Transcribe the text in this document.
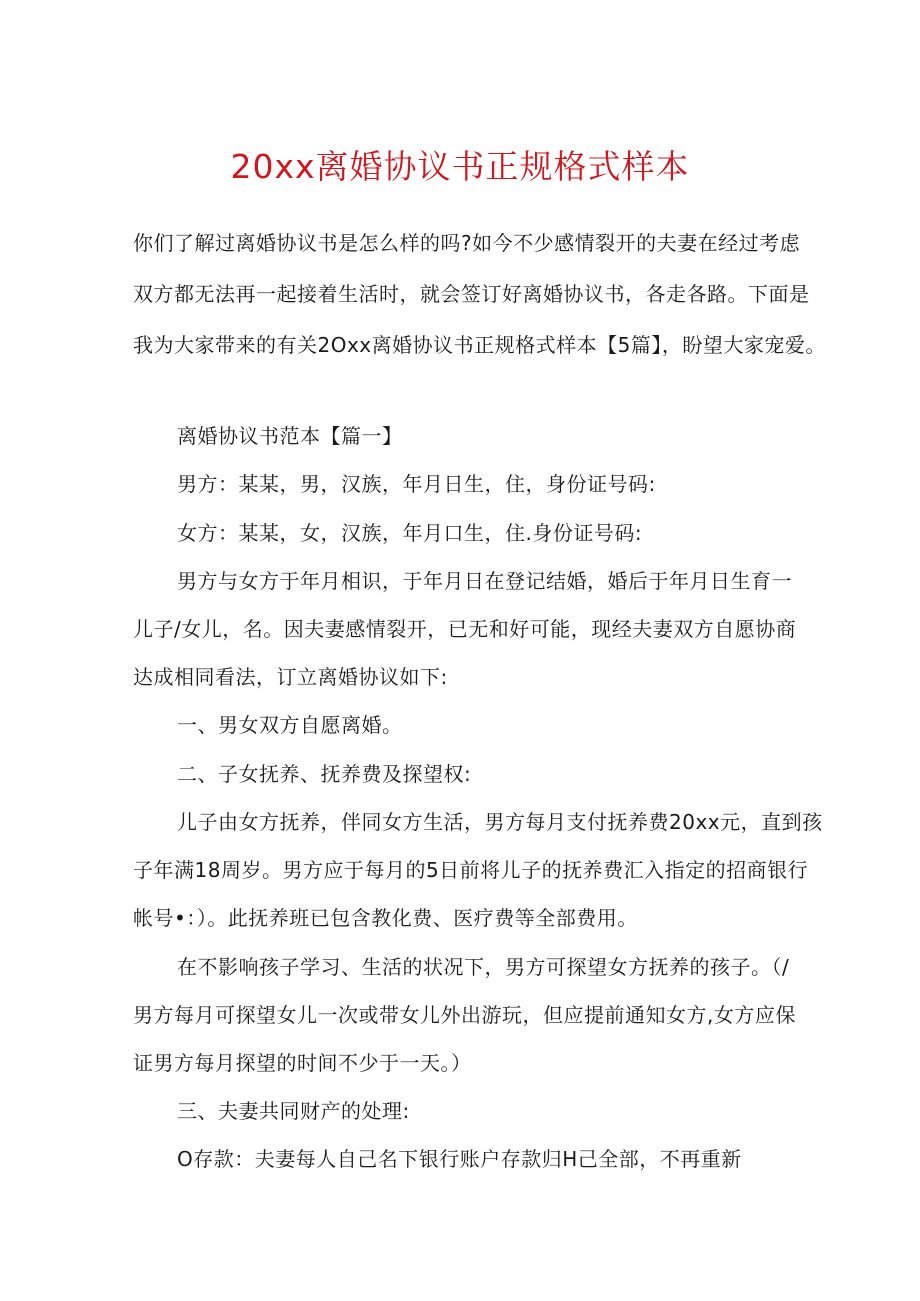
20xx离婚协议书正规格式样本
你们了解过离婚协议书是怎么样的吗?如今不少感情裂开的夫妻在经过考虑
双方都无法再一起接着生活时，就会签订好离婚协议书，各走各路。下面是
我为大家带来的有关2Oxx离婚协议书正规格式样本【5篇】，盼望大家宠爱。
离婚协议书范本【篇一】
男方：某某，男，汉族，年月日生，住，身份证号码:
女方：某某，女，汉族，年月口生，住.身份证号码:
男方与女方于年月相识，于年月日在登记结婚，婚后于年月日生育一
儿子/女儿，名。因夫妻感情裂开，已无和好可能，现经夫妻双方自愿协商
达成相同看法，订立离婚协议如下:
一、男女双方自愿离婚。
二、子女抚养、抚养费及探望权:
儿子由女方抚养，伴同女方生活，男方每月支付抚养费20xx元，直到孩
子年满18周岁。男方应于每月的5日前将儿子的抚养费汇入指定的招商银行
帐号•：）。此抚养班已包含教化费、医疗费等全部费用。
在不影响孩子学习、生活的状况下，男方可探望女方抚养的孩子。（/
男方每月可探望女儿一次或带女儿外出游玩，但应提前通知女方,女方应保
证男方每月探望的时间不少于一天。）
三、夫妻共同财产的处理:
O存款：夫妻每人自己名下银行账户存款归H己全部，不再重新
